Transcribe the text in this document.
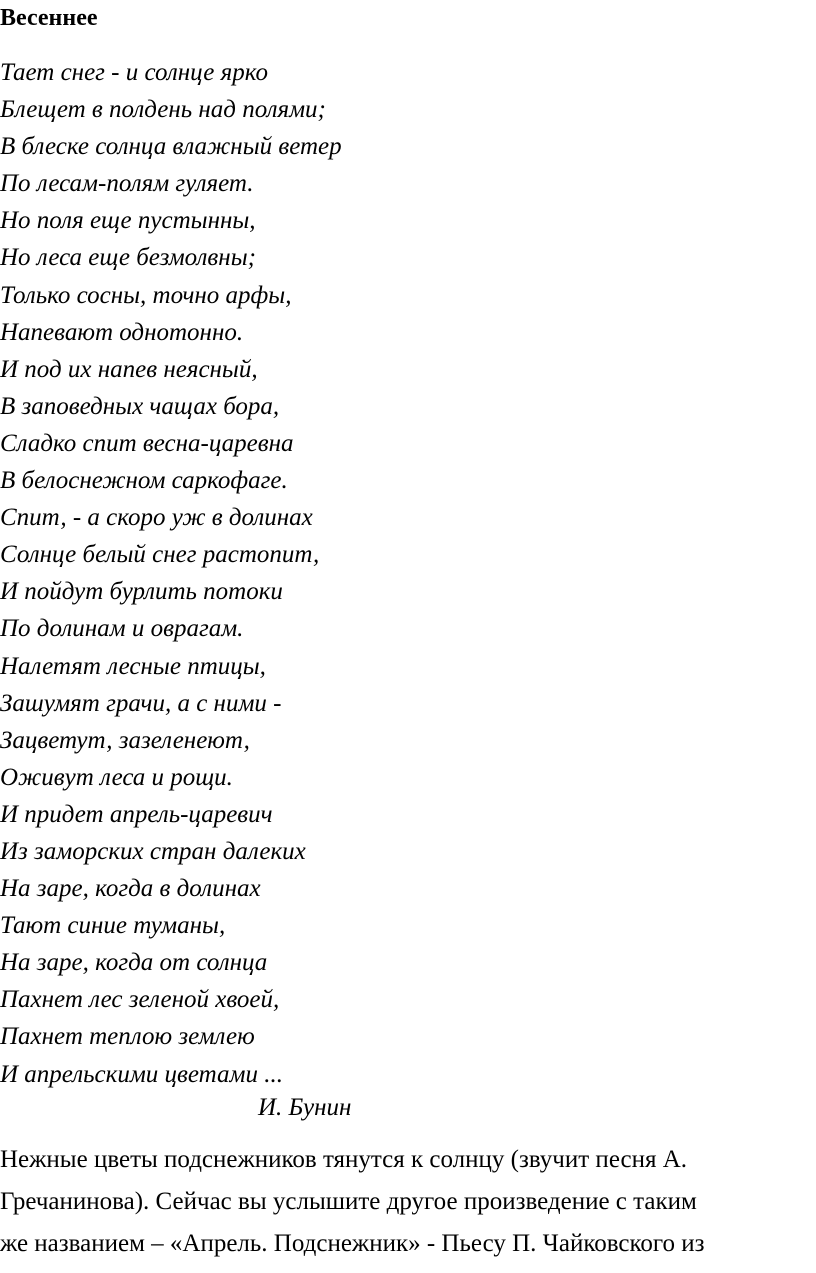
Весеннее
Тает снег - и солнце ярко
Блещет в полдень над полями;
В блеске солнца влажный ветер
По лесам-полям гуляет.
Но поля еще пустынны,
Но леса еще безмолвны;
Только сосны, точно арфы,
Напевают однотонно.
И под их напев неясный,
В заповедных чащах бора,
Сладко спит весна-царевна
В белоснежном саркофаге.
Спит, - а скоро уж в долинах
Солнце белый снег растопит,
И пойдут бурлить потоки
По долинам и оврагам.
Налетят лесные птицы,
Зашумят грачи, а с ними -
Зацветут, зазеленеют,
Оживут леса и рощи.
И придет апрель-царевич
Из заморских стран далеких
На заре, когда в долинах
Тают синие туманы,
На заре, когда от солнца
Пахнет лес зеленой хвоей,
Пахнет теплою землею
И апрельскими цветами ...
И. Бунин
Нежные цветы подснежников тянутся к солнцу (звучит песня А.
Гречанинова). Сейчас вы услышите другое произведение с таким
же названием – «Апрель. Подснежник» - Пьесу П. Чайковского из
